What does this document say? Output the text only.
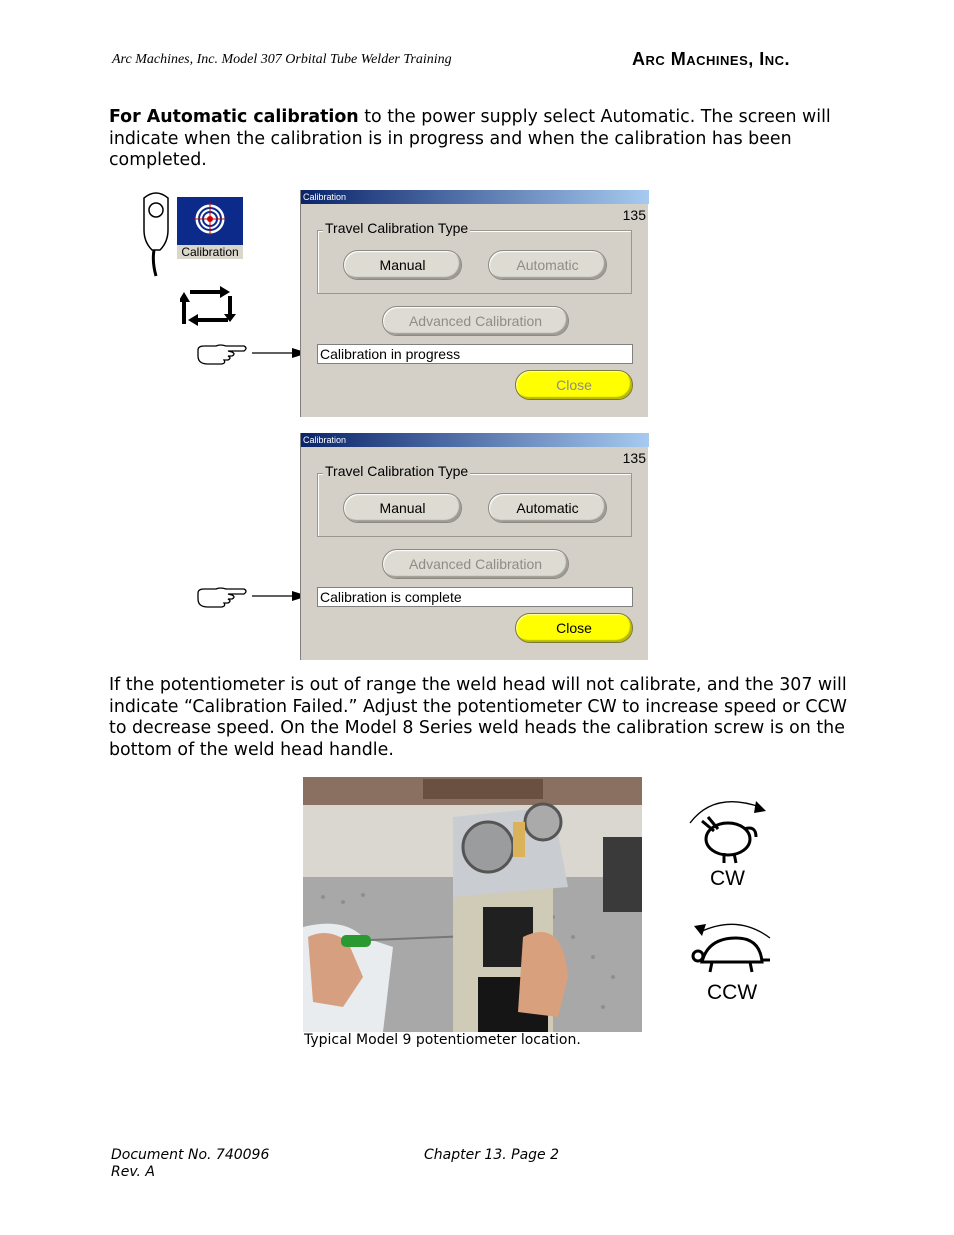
Arc Machines, Inc. Model 307 Orbital Tube Welder Training	Arc Machines, Inc.
For Automatic calibration to the power supply select Automatic. The screen will indicate when the calibration is in progress and when the calibration has been completed.
Calibration
Calibration
135
Travel Calibration Type
Manual	Automatic
Advanced Calibration
Calibration in progress
Close
Calibration
135
Travel Calibration Type
Manual	Automatic
Advanced Calibration
Calibration is complete
Close
If the potentiometer is out of range the weld head will not calibrate, and the 307 will indicate “Calibration Failed.” Adjust the potentiometer CW to increase speed or CCW to decrease speed. On the Model 8 Series weld heads the calibration screw is on the bottom of the weld head handle.
Typical Model 9 potentiometer location.
CW
CCW
Document No. 740096
Rev. A
Chapter 13. Page 2
